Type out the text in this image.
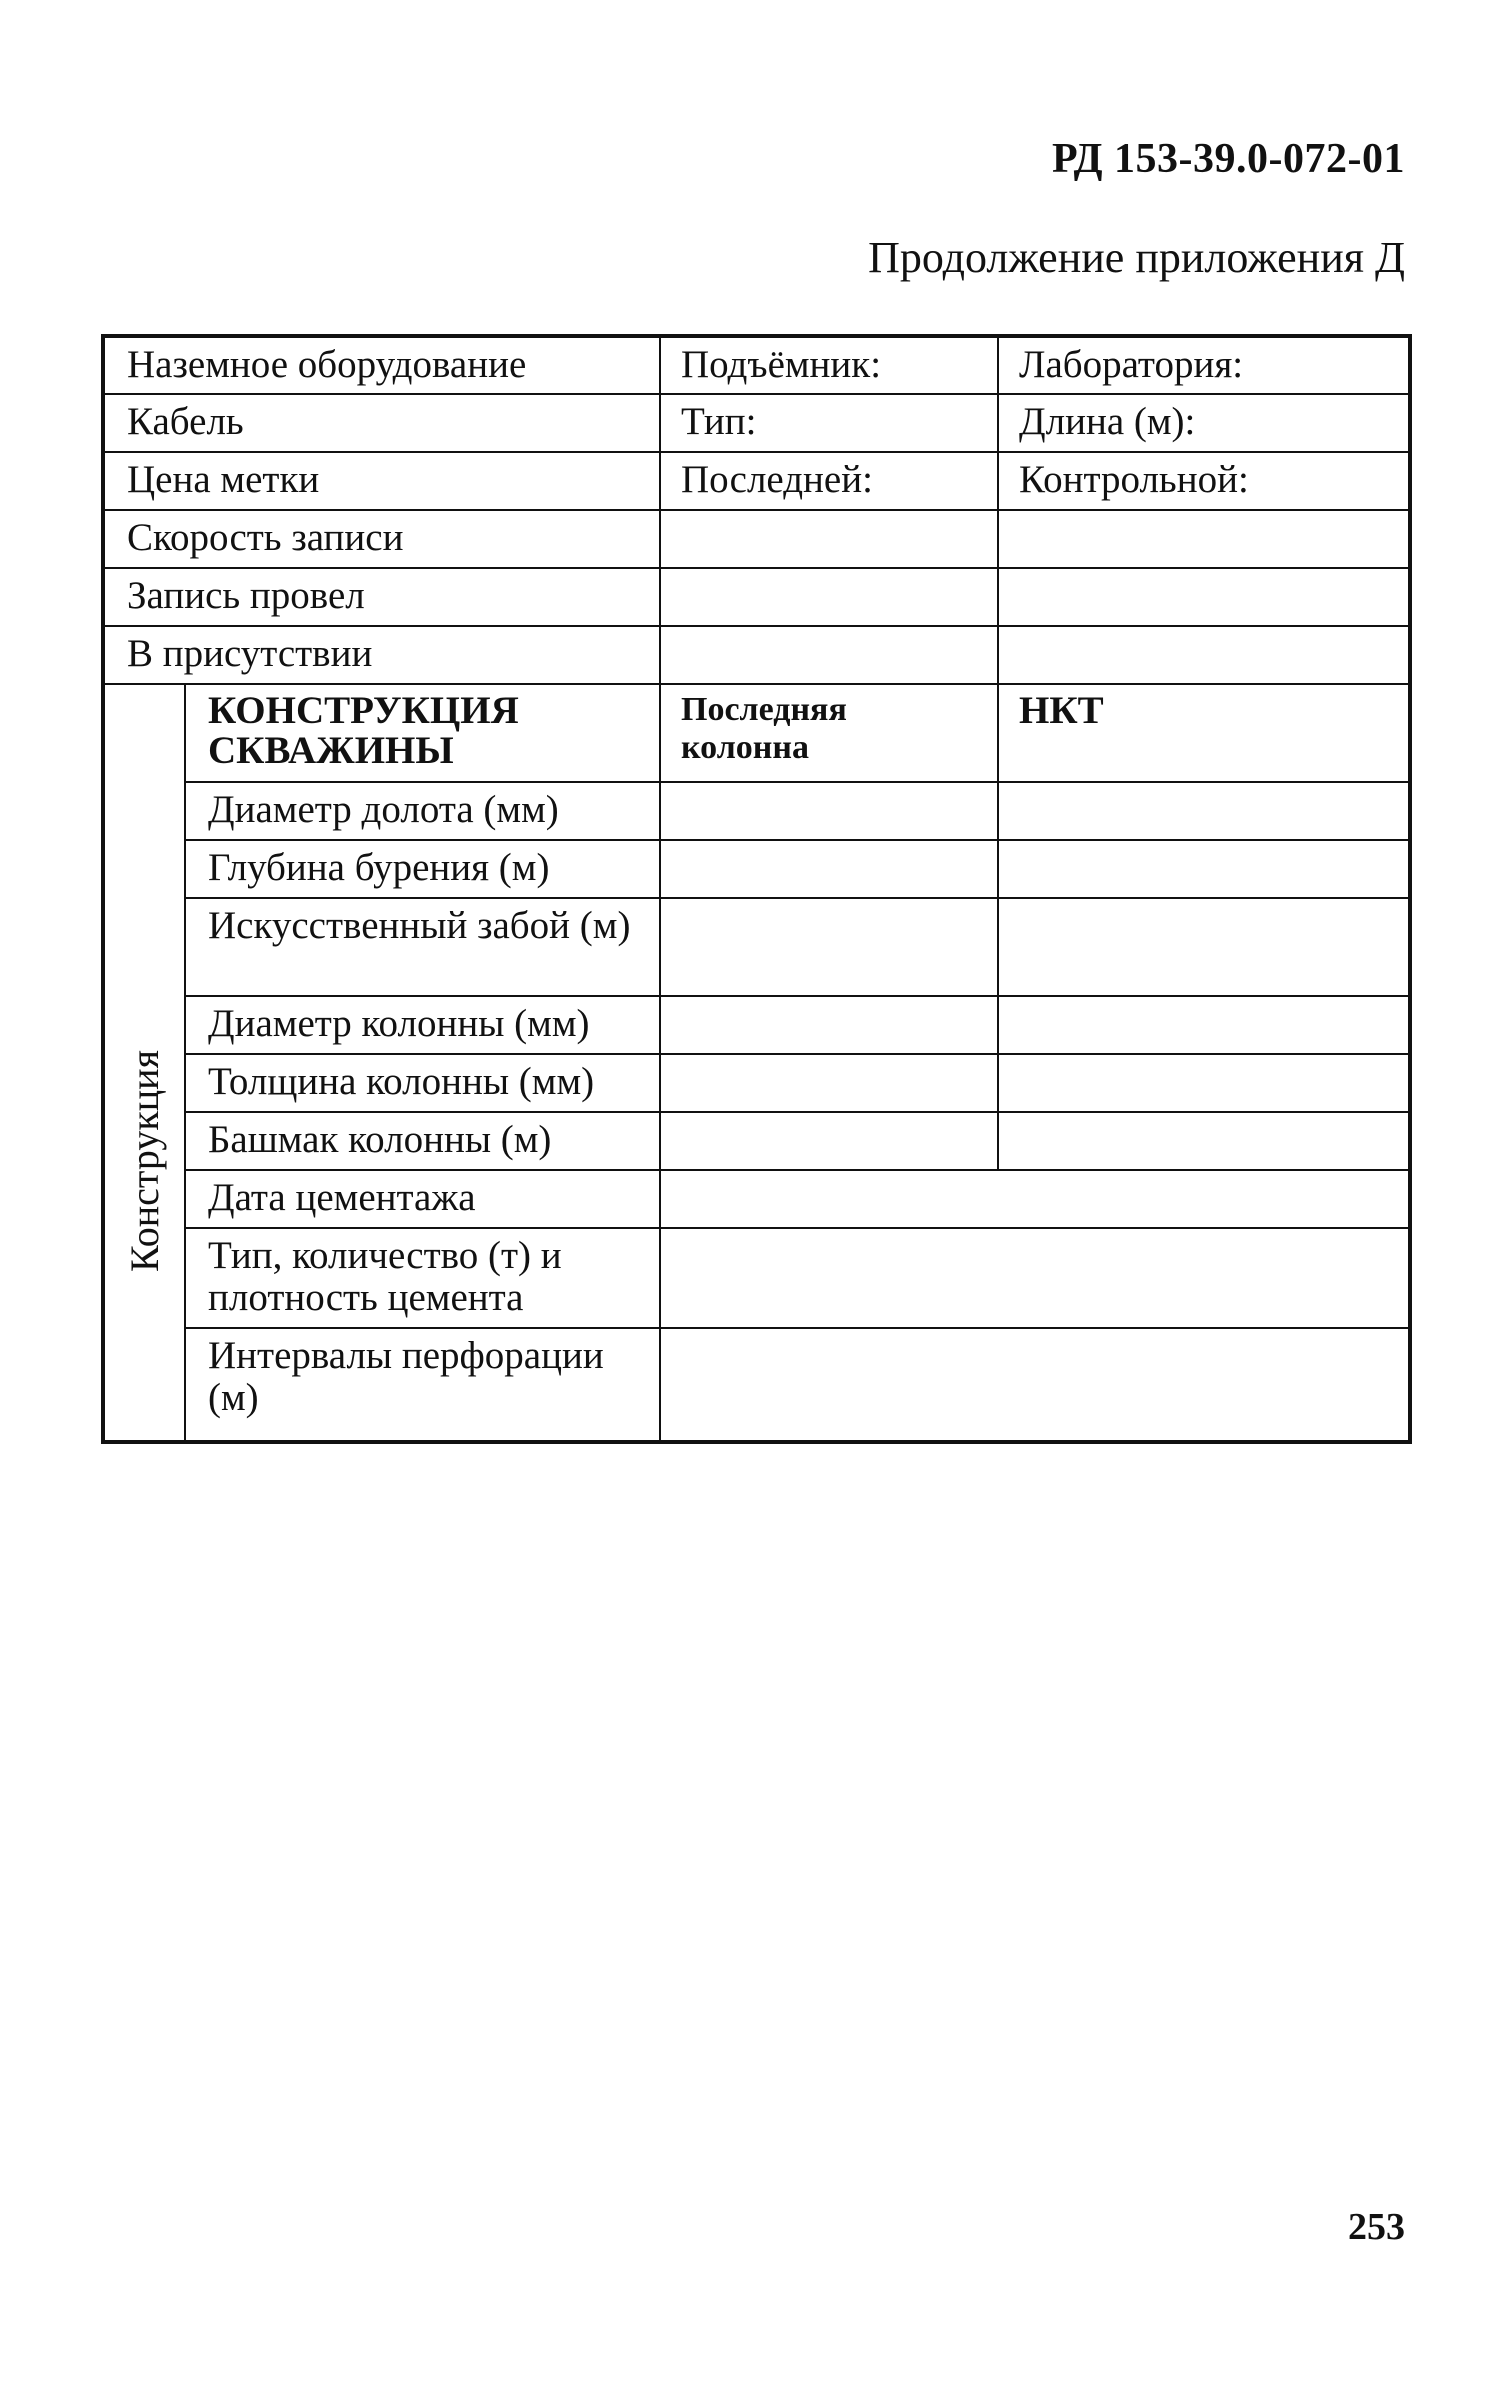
РД 153-39.0-072-01
Продолжение приложения Д
Наземное оборудование		Подъёмник:	Лаборатория:
Кабель		Тип:	Длина (м):
Цена метки		Последней:	Контрольной:
Скорость записи			
Запись провел			
В присутствии			

Конструкция	КОНСТРУКЦИЯ СКВАЖИНЫ	Последняя колонна	НКТ
	Диаметр долота (мм)		
	Глубина бурения (м)		
	Искусственный забой (м)		
	Диаметр колонны (мм)		
	Толщина колонны (мм)		
	Башмак колонны (м)		
	Дата цементажа		
	Тип, количество (т) и плотность цемента		
	Интервалы перфорации (м)		
253
